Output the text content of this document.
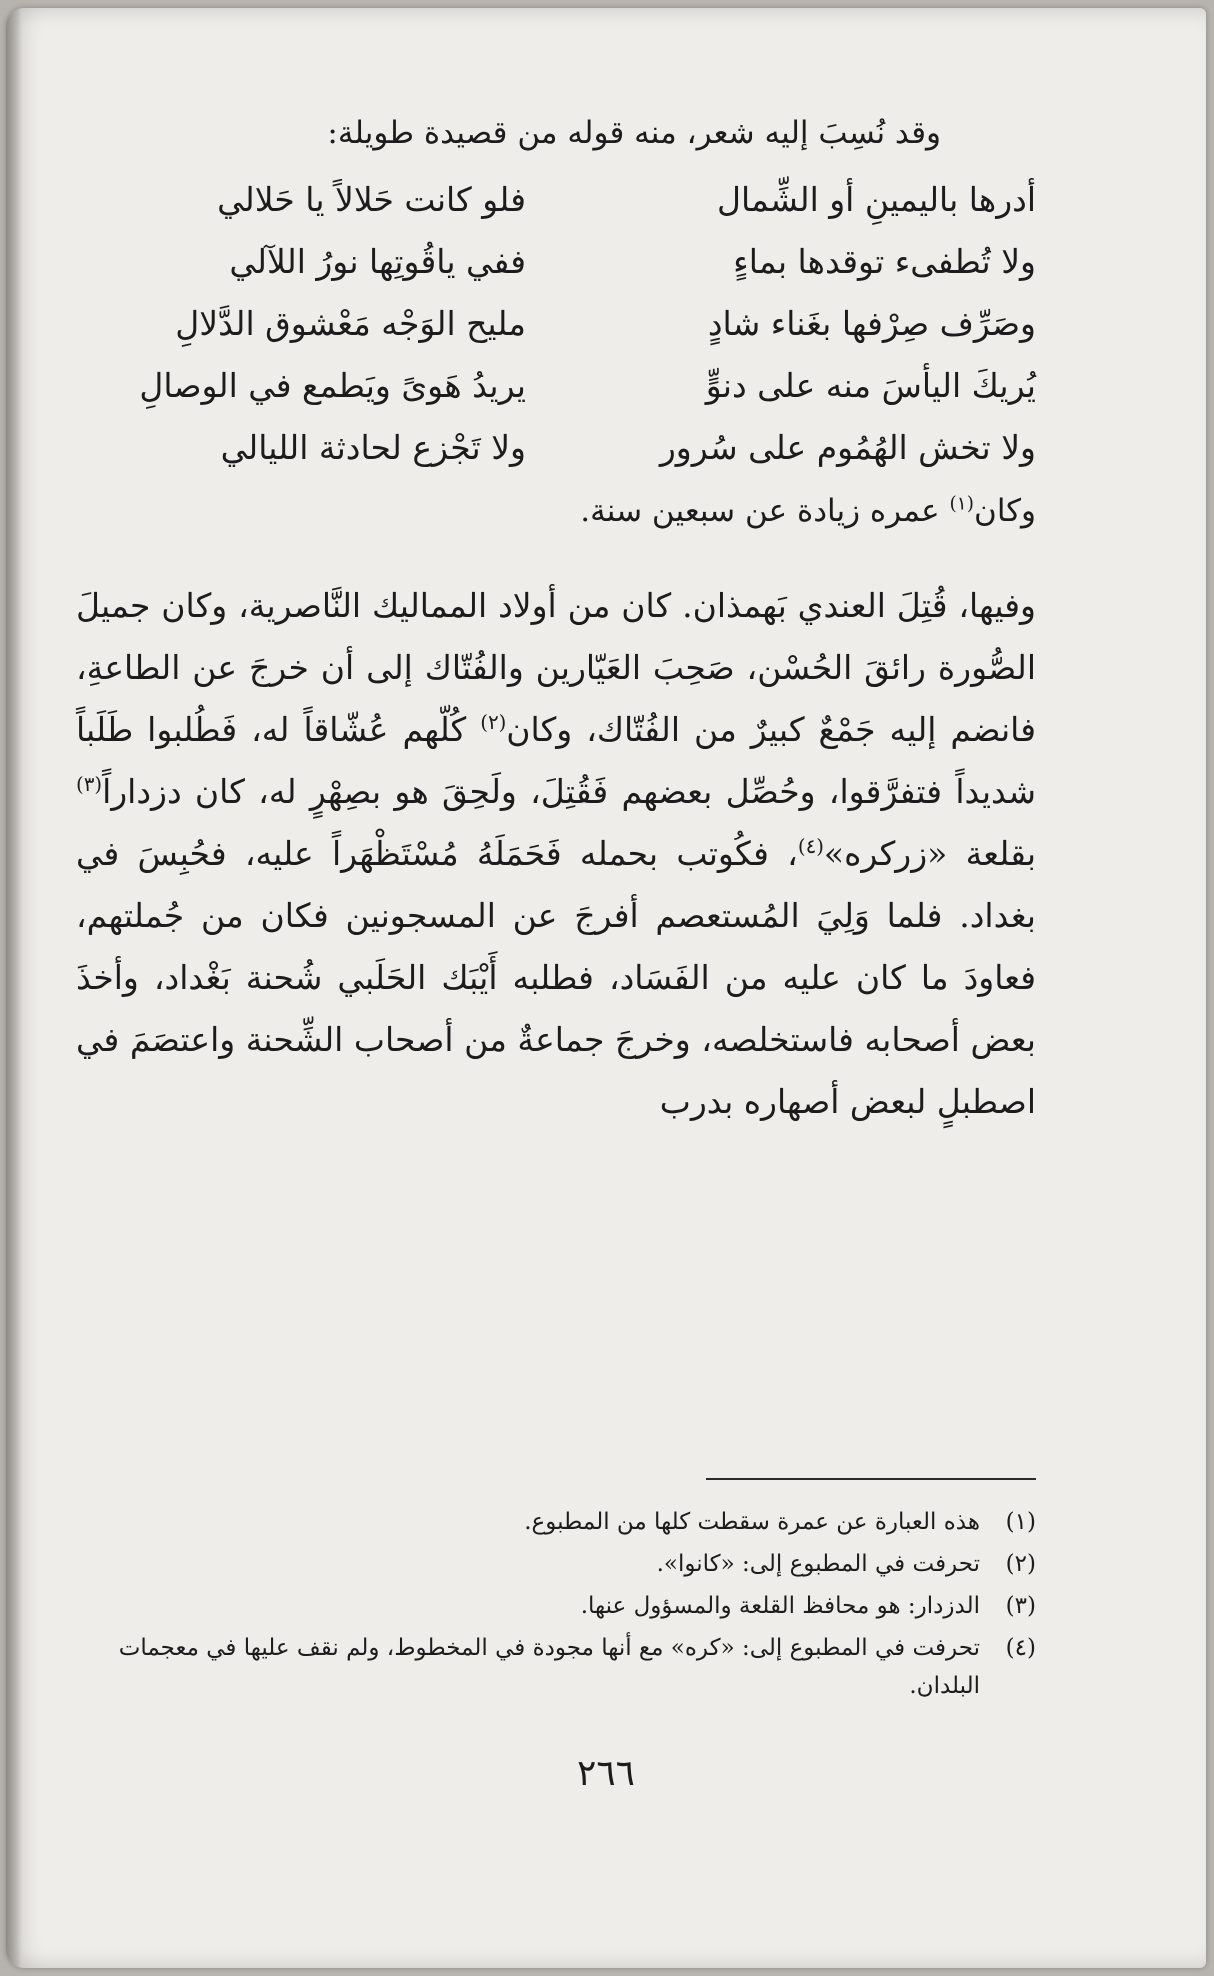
وقد نُسِبَ إليه شعر، منه قوله من قصيدة طويلة:

أدرها باليمينِ أو الشِّمال
فلو كانت حَلالاً يا حَلالي
ولا تُطفىء توقدها بماءٍ
ففي ياقُوتِها نورُ اللآلي
وصَرِّف صِرْفها بغَناء شادٍ
مليح الوَجْه مَعْشوق الدَّلالِ
يُريكَ اليأسَ منه على دنوٍّ
يريدُ هَوىً ويَطمع في الوصالِ
ولا تخش الهُمُوم على سُرور
ولا تَجْزع لحادثة الليالي

وكان$^{(١)}$ عمره زيادة عن سبعين سنة.

وفيها، قُتِلَ العندي بَهمذان. كان من أولاد المماليك النَّاصرية، وكان جميلَ الصُّورة رائقَ الحُسْن، صَحِبَ العَيّارين والفُتّاك إلى أن خرجَ عن الطاعةِ، فانضم إليه جَمْعٌ كبيرٌ من الفُتّاك، وكان$^{(٢)}$ كُلّهم عُشّاقاً له، فَطُلبوا طَلَباً شديداً فتفرَّقوا، وحُصِّل بعضهم فَقُتِلَ، ولَحِقَ هو بصِهْرٍ له، كان دزداراً$^{(٣)}$ بقلعة «زركره»$^{(٤)}$، فكُوتب بحمله فَحَمَلَهُ مُسْتَظْهَراً عليه، فحُبِسَ في بغداد. فلما وَلِيَ المُستعصم أفرجَ عن المسجونين فكان من جُملتهم، فعاودَ ما كان عليه من الفَسَاد، فطلبه أَيْبَك الحَلَبي شُحنة بَغْداد، وأخذَ بعض أصحابه فاستخلصه، وخرجَ جماعةٌ من أصحاب الشِّحنة واعتصَمَ في اصطبلٍ لبعض أصهاره بدرب

(١)
هذه العبارة عن عمرة سقطت كلها من المطبوع.
(٢)
تحرفت في المطبوع إلى: «كانوا».
(٣)
الدزدار: هو محافظ القلعة والمسؤول عنها.
(٤)
تحرفت في المطبوع إلى: «كره» مع أنها مجودة في المخطوط، ولم نقف عليها في معجمات البلدان.
٢٦٦
